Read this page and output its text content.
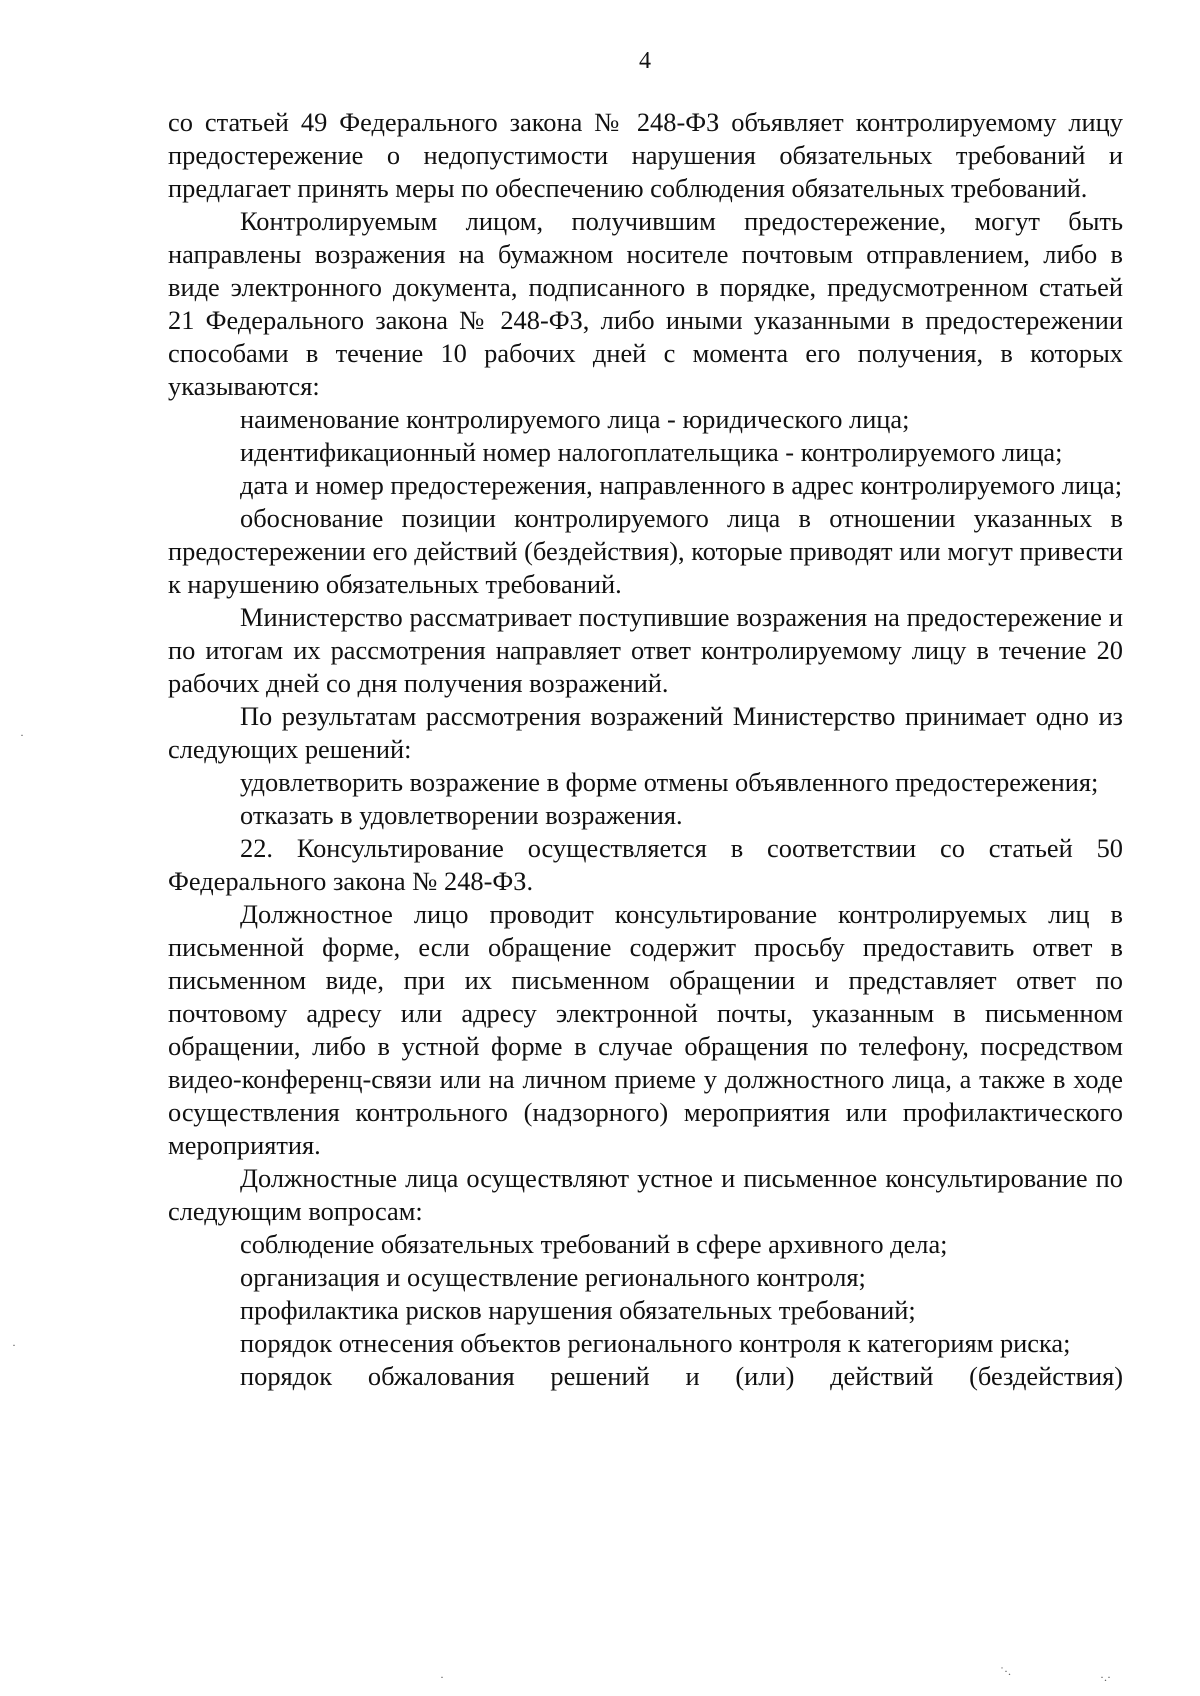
4

со статьей 49 Федерального закона № 248-ФЗ объявляет контролируемому лицу предостережение о недопустимости нарушения обязательных требований и предлагает принять меры по обеспечению соблюдения обязательных требований.

Контролируемым лицом, получившим предостережение, могут быть направлены возражения на бумажном носителе почтовым отправлением, либо в виде электронного документа, подписанного в порядке, предусмотренном статьей 21 Федерального закона № 248-ФЗ, либо иными указанными в предостережении способами в течение 10 рабочих дней с момента его получения, в которых указываются:

наименование контролируемого лица - юридического лица;

идентификационный номер налогоплательщика - контролируемого лица;

дата и номер предостережения, направленного в адрес контролируемого лица;

обоснование позиции контролируемого лица в отношении указанных в предостережении его действий (бездействия), которые приводят или могут привести к нарушению обязательных требований.

Министерство рассматривает поступившие возражения на предостережение и по итогам их рассмотрения направляет ответ контролируемому лицу в течение 20 рабочих дней со дня получения возражений.

По результатам рассмотрения возражений Министерство принимает одно из следующих решений:

удовлетворить возражение в форме отмены объявленного предостережения;

отказать в удовлетворении возражения.

22. Консультирование осуществляется в соответствии со статьей 50 Федерального закона № 248-ФЗ.

Должностное лицо проводит консультирование контролируемых лиц в письменной форме, если обращение содержит просьбу предоставить ответ в письменном виде, при их письменном обращении и представляет ответ по почтовому адресу или адресу электронной почты, указанным в письменном обращении, либо в устной форме в случае обращения по телефону, посредством видео-конференц-связи или на личном приеме у должностного лица, а также в ходе осуществления контрольного (надзорного) мероприятия или профилактического мероприятия.

Должностные лица осуществляют устное и письменное консультирование по следующим вопросам:

соблюдение обязательных требований в сфере архивного дела;

организация и осуществление регионального контроля;

профилактика рисков нарушения обязательных требований;

порядок отнесения объектов регионального контроля к категориям риска;

порядок обжалования решений и (или) действий (бездействия)

·
·
·	˙·.	·.·
